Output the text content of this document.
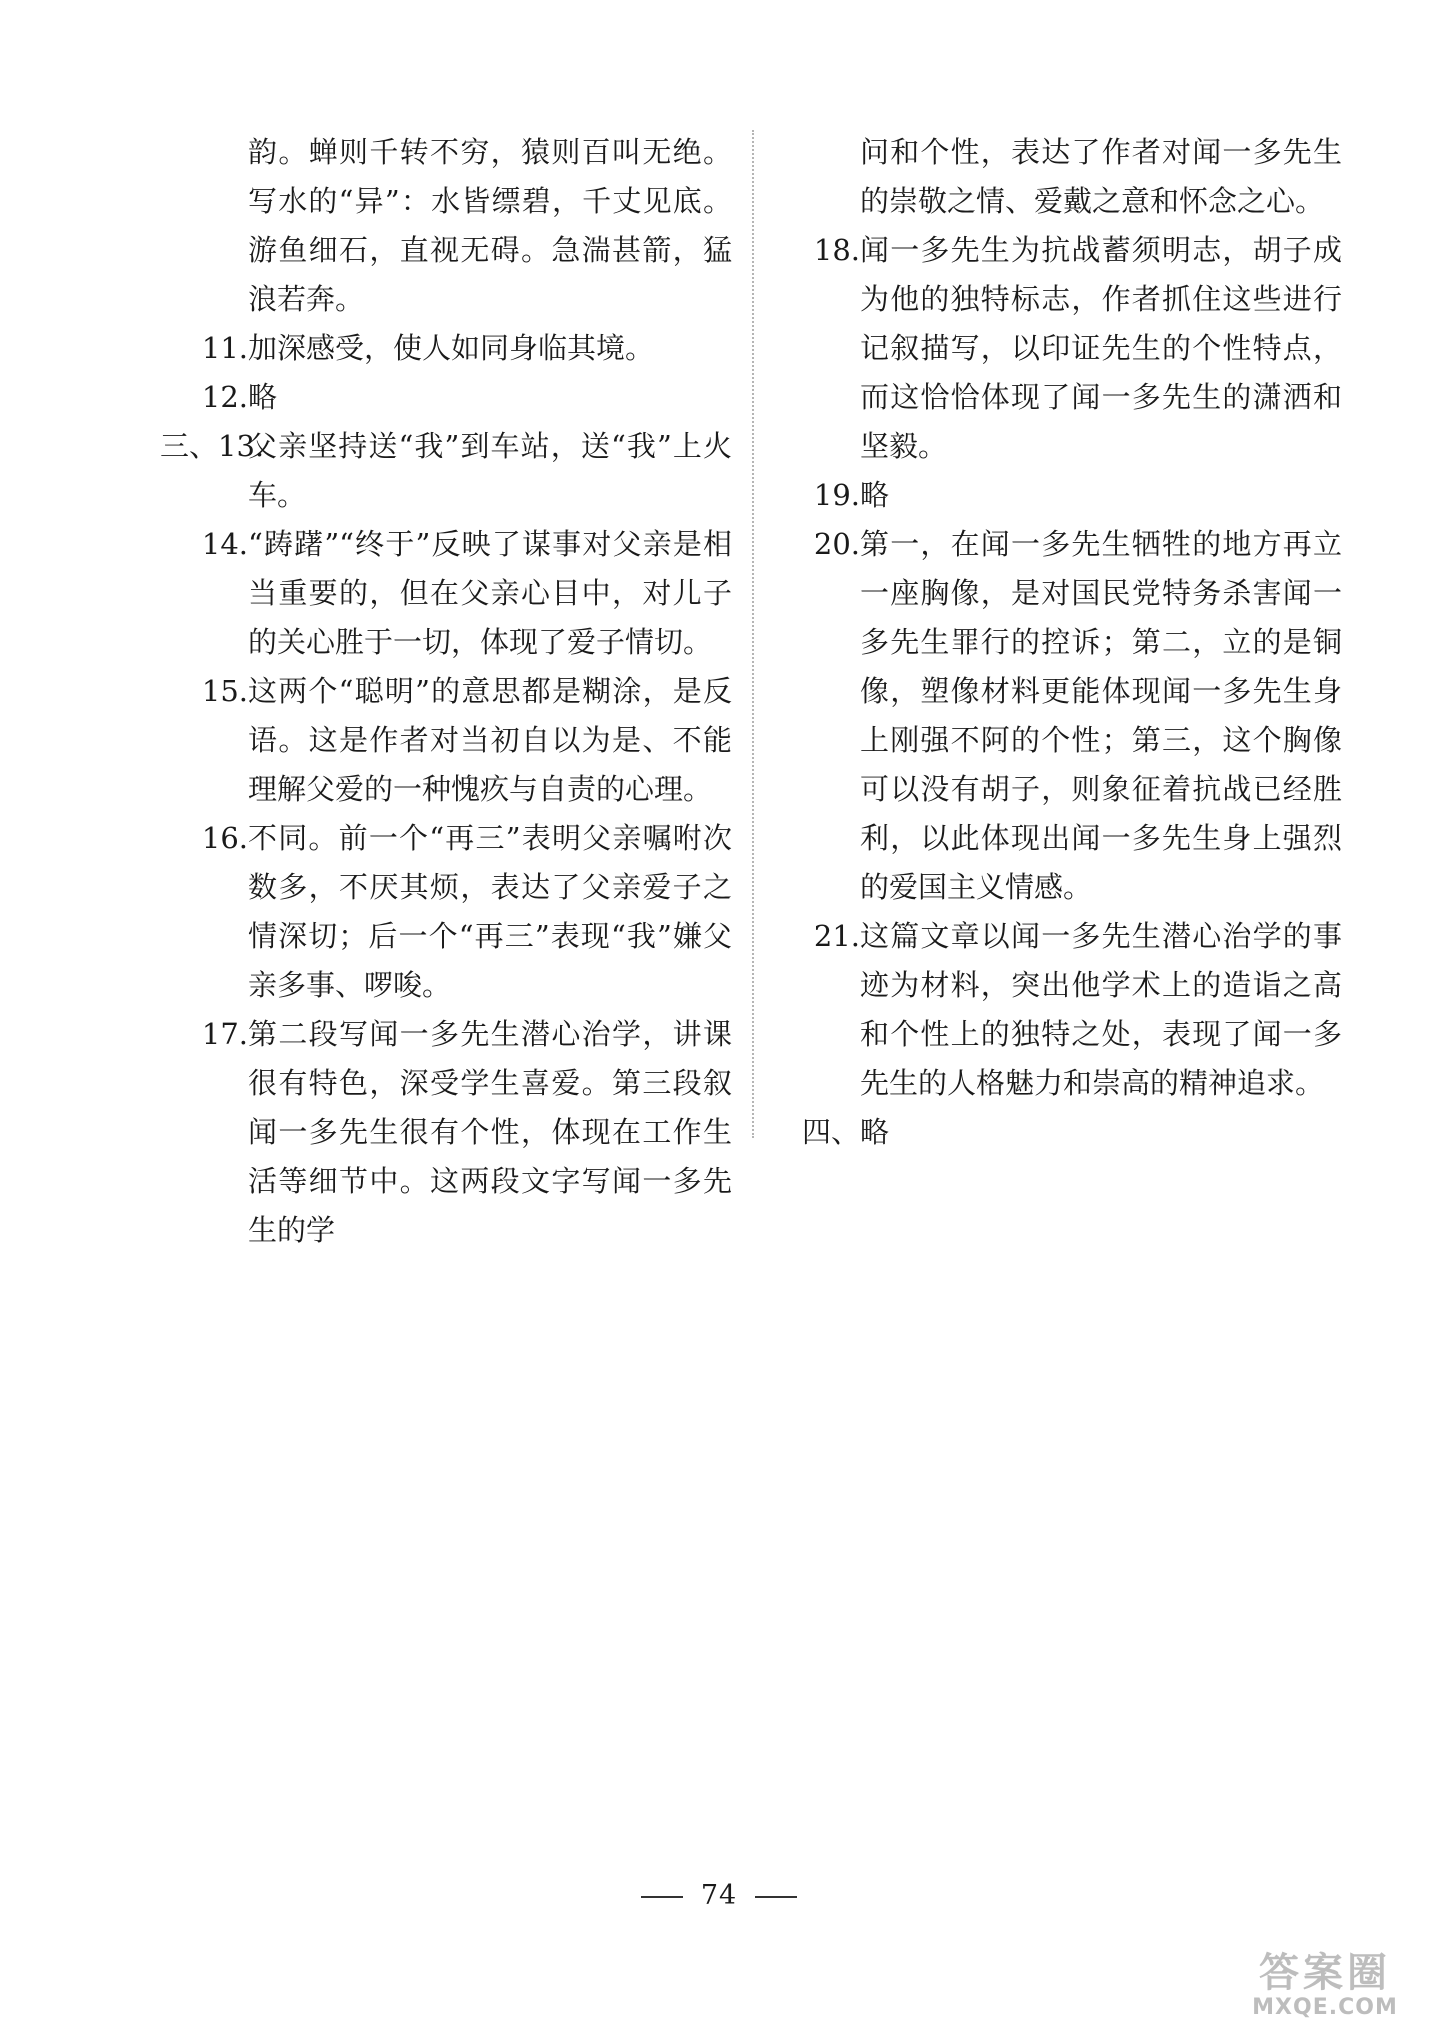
韵。蝉则千转不穷，猿则百叫无绝。写水的“异”：水皆缥碧，千丈见底。游鱼细石，直视无碍。急湍甚箭，猛浪若奔。
11. 加深感受，使人如同身临其境。
12. 略
三、13.
父亲坚持送“我”到车站，送“我”上火车。
14. “踌躇”“终于”反映了谋事对父亲是相当重要的，但在父亲心目中，对儿子的关心胜于一切，体现了爱子情切。
15. 这两个“聪明”的意思都是糊涂，是反语。这是作者对当初自以为是、不能理解父爱的一种愧疚与自责的心理。
16. 不同。前一个“再三”表明父亲嘱咐次数多，不厌其烦，表达了父亲爱子之情深切；后一个“再三”表现“我”嫌父亲多事、啰唆。
17. 第二段写闻一多先生潜心治学，讲课很有特色，深受学生喜爱。第三段叙闻一多先生很有个性，体现在工作生活等细节中。这两段文字写闻一多先生的学
问和个性，表达了作者对闻一多先生的崇敬之情、爱戴之意和怀念之心。
18. 闻一多先生为抗战蓄须明志，胡子成为他的独特标志，作者抓住这些进行记叙描写，以印证先生的个性特点，而这恰恰体现了闻一多先生的潇洒和坚毅。
19. 略
20. 第一，在闻一多先生牺牲的地方再立一座胸像，是对国民党特务杀害闻一多先生罪行的控诉；第二，立的是铜像，塑像材料更能体现闻一多先生身上刚强不阿的个性；第三，这个胸像可以没有胡子，则象征着抗战已经胜利，以此体现出闻一多先生身上强烈的爱国主义情感。
21. 这篇文章以闻一多先生潜心治学的事迹为材料，突出他学术上的造诣之高和个性上的独特之处，表现了闻一多先生的人格魅力和崇高的精神追求。
四、 略
74
答案圈
MXQE.COM
